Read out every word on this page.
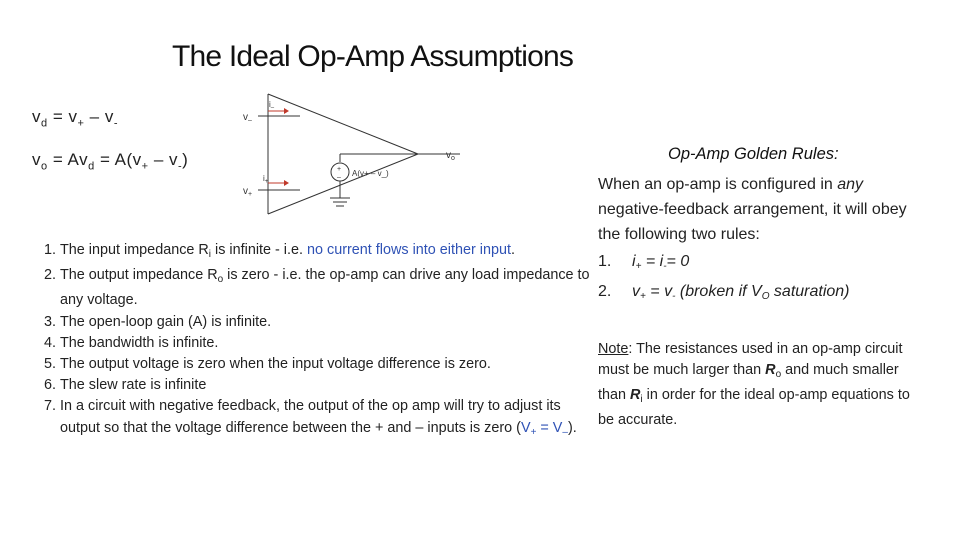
The Ideal Op-Amp Assumptions
$v_d = v_+ - v_-$
$v_o = Av_d = A(v_+ - v_-)$
$i_-$
$v_-$
$i_+$
$v_+$
$v_o$
+
– A(v+ – v_)
1. The input impedance $R_i$ is infinite - i.e. no current flows into either input.
2. The output impedance $R_o$ is zero - i.e. the op-amp can drive any load impedance to any voltage.
3. The open-loop gain (A) is infinite.
4. The bandwidth is infinite.
5. The output voltage is zero when the input voltage difference is zero.
6. The slew rate is infinite
7. In a circuit with negative feedback, the output of the op amp will try to adjust its output so that the voltage difference between the + and – inputs is zero $(V_+ = V_-)$.
Op-Amp Golden Rules:
When an op-amp is configured in any negative-feedback arrangement, it will obey the following two rules:
1. $i_+ = i_-= 0$
2. $v_+ = v_-$ (broken if $V_O$ saturation)
Note: The resistances used in an op-amp circuit must be much larger than $R_o$ and much smaller than $R_i$ in order for the ideal op-amp equations to be accurate.
